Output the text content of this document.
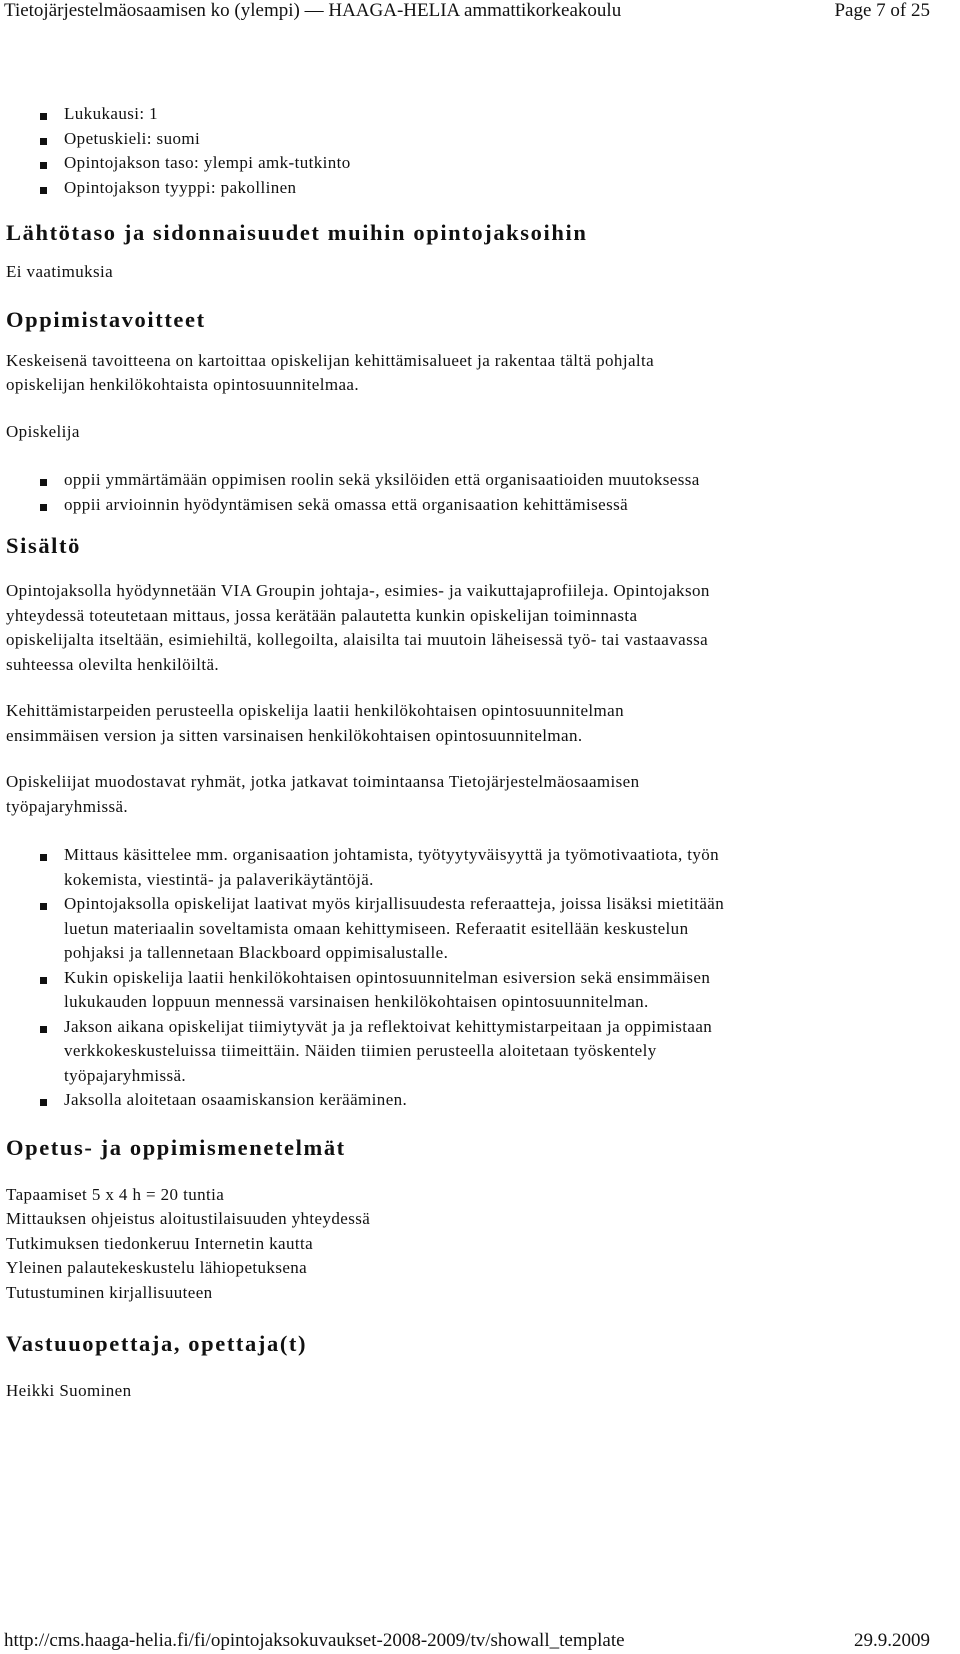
Tietojärjestelmäosaamisen ko (ylempi) — HAAGA-HELIA ammattikorkeakoulu	Page 7 of 25
Lukukausi: 1
Opetuskieli: suomi
Opintojakson taso: ylempi amk-tutkinto
Opintojakson tyyppi: pakollinen
Lähtötaso ja sidonnaisuudet muihin opintojaksoihin

Ei vaatimuksia

Oppimistavoitteet

Keskeisenä tavoitteena on kartoittaa opiskelijan kehittämisalueet ja rakentaa tältä pohjalta

opiskelijan henkilökohtaista opintosuunnitelmaa.

Opiskelija

oppii ymmärtämään oppimisen roolin sekä yksilöiden että organisaatioiden muutoksessa
oppii arvioinnin hyödyntämisen sekä omassa että organisaation kehittämisessä
Sisältö

Opintojaksolla hyödynnetään VIA Groupin johtaja-, esimies- ja vaikuttajaprofiileja. Opintojakson

yhteydessä toteutetaan mittaus, jossa kerätään palautetta kunkin opiskelijan toiminnasta

opiskelijalta itseltään, esimiehiltä, kollegoilta, alaisilta tai muutoin läheisessä työ- tai vastaavassa

suhteessa olevilta henkilöiltä.

Kehittämistarpeiden perusteella opiskelija laatii henkilökohtaisen opintosuunnitelman

ensimmäisen version ja sitten varsinaisen henkilökohtaisen opintosuunnitelman.

Opiskeliijat muodostavat ryhmät, jotka jatkavat toimintaansa Tietojärjestelmäosaamisen

työpajaryhmissä.

Mittaus käsittelee mm. organisaation johtamista, työtyytyväisyyttä ja työmotivaatiota, työn
kokemista, viestintä- ja palaverikäytäntöjä.
Opintojaksolla opiskelijat laativat myös kirjallisuudesta referaatteja, joissa lisäksi mietitään
luetun materiaalin soveltamista omaan kehittymiseen. Referaatit esitellään keskustelun
pohjaksi ja tallennetaan Blackboard oppimisalustalle.
Kukin opiskelija laatii henkilökohtaisen opintosuunnitelman esiversion sekä ensimmäisen
lukukauden loppuun mennessä varsinaisen henkilökohtaisen opintosuunnitelman.
Jakson aikana opiskelijat tiimiytyvät ja ja reflektoivat kehittymistarpeitaan ja oppimistaan
verkkokeskusteluissa tiimeittäin. Näiden tiimien perusteella aloitetaan työskentely
työpajaryhmissä.
Jaksolla aloitetaan osaamiskansion kerääminen.
Opetus- ja oppimismenetelmät

Tapaamiset 5 x 4 h = 20 tuntia

Mittauksen ohjeistus aloitustilaisuuden yhteydessä

Tutkimuksen tiedonkeruu Internetin kautta

Yleinen palautekeskustelu lähiopetuksena

Tutustuminen kirjallisuuteen

Vastuuopettaja, opettaja(t)

Heikki Suominen

http://cms.haaga-helia.fi/fi/opintojaksokuvaukset-2008-2009/tv/showall_template	29.9.2009
